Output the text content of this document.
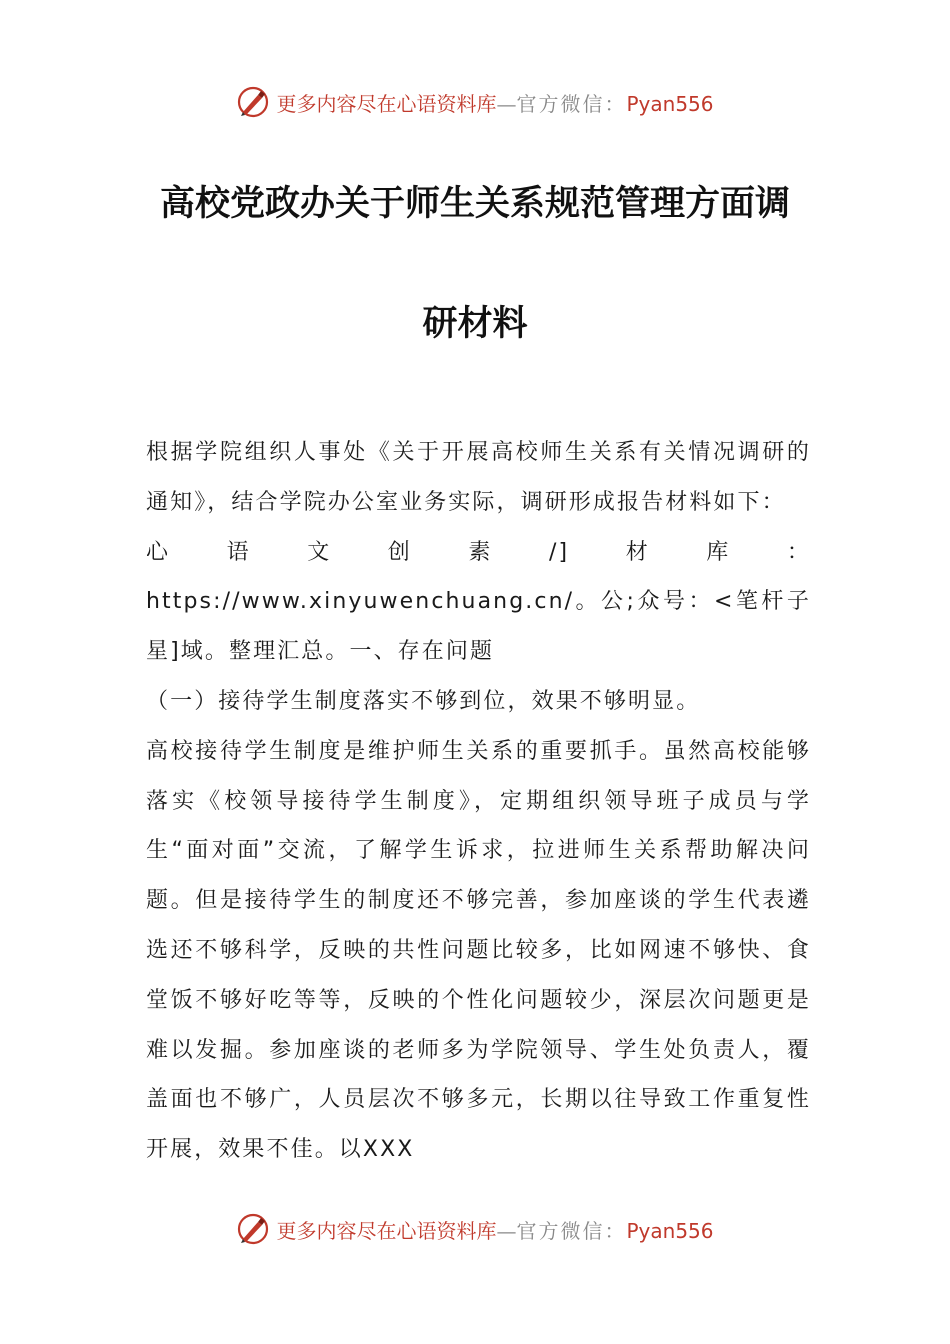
更多内容尽在心语资料库—官方微信：Pyan556
高校党政办关于师生关系规范管理方面调
研材料

根据学院组织人事处《关于开展高校师生关系有关情况调研的通知》，结合学院办公室业务实际，调研形成报告材料如下：

心语文创素/]材库：https://www.xinyuwenchuang.cn/。公;众号：<笔杆子星]域。整理汇总。一、存在问题

（一）接待学生制度落实不够到位，效果不够明显。

高校接待学生制度是维护师生关系的重要抓手。虽然高校能够落实《校领导接待学生制度》，定期组织领导班子成员与学生“面对面”交流，了解学生诉求，拉进师生关系帮助解决问题。但是接待学生的制度还不够完善，参加座谈的学生代表遴选还不够科学，反映的共性问题比较多，比如网速不够快、食堂饭不够好吃等等，反映的个性化问题较少，深层次问题更是难以发掘。参加座谈的老师多为学院领导、学生处负责人，覆盖面也不够广，人员层次不够多元，长期以往导致工作重复性开展，效果不佳。以XXX

更多内容尽在心语资料库—官方微信：Pyan556
